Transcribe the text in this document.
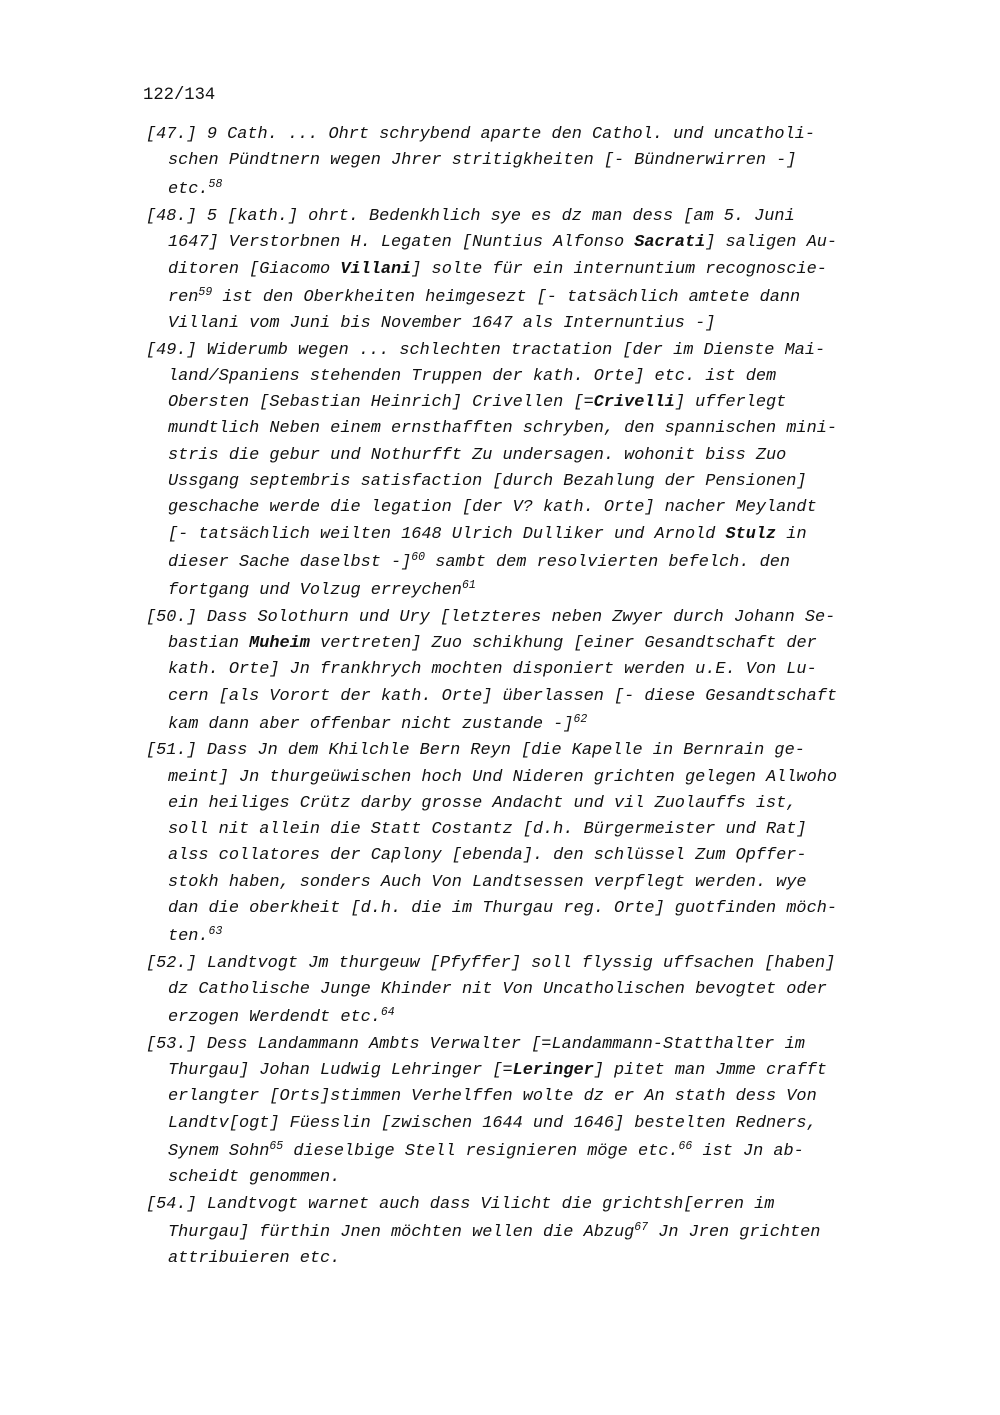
122/134
[47.] 9 Cath. ... Ohrt schrybend aparte den Cathol. und uncatholi-
schen Pündtnern wegen Jhrer stritigkheiten [- Bündnerwirren -]
etc.$^{58}$
[48.] 5 [kath.] ohrt. Bedenkhlich sye es dz man dess [am 5. Juni
1647] Verstorbnen H. Legaten [Nuntius Alfonso Sacrati] saligen Au-
ditoren [Giacomo Villani] solte für ein internuntium recognoscie-
ren$^{59}$ ist den Oberkheiten heimgesezt [- tatsächlich amtete dann
Villani vom Juni bis November 1647 als Internuntius -]
[49.] Widerumb wegen ... schlechten tractation [der im Dienste Mai-
land/Spaniens stehenden Truppen der kath. Orte] etc. ist dem
Obersten [Sebastian Heinrich] Crivellen [=Crivelli] ufferlegt
mundtlich Neben einem ernsthafften schryben, den spannischen mini-
stris die gebur und Nothurfft Zu undersagen. wohonit biss Zuo
Ussgang septembris satisfaction [durch Bezahlung der Pensionen]
geschache werde die legation [der V? kath. Orte] nacher Meylandt
[- tatsächlich weilten 1648 Ulrich Dulliker und Arnold Stulz in
dieser Sache daselbst -]$^{60}$ sambt dem resolvierten befelch. den
fortgang und Volzug erreychen$^{61}$
[50.] Dass Solothurn und Ury [letzteres neben Zwyer durch Johann Se-
bastian Muheim vertreten] Zuo schikhung [einer Gesandtschaft der
kath. Orte] Jn frankhrych mochten disponiert werden u.E. Von Lu-
cern [als Vorort der kath. Orte] überlassen [- diese Gesandtschaft
kam dann aber offenbar nicht zustande -]$^{62}$
[51.] Dass Jn dem Khilchle Bern Reyn [die Kapelle in Bernrain ge-
meint] Jn thurgeüwischen hoch Und Nideren grichten gelegen Allwoho
ein heiliges Crütz darby grosse Andacht und vil Zuolauffs ist,
soll nit allein die Statt Costantz [d.h. Bürgermeister und Rat]
alss collatores der Caplony [ebenda]. den schlüssel Zum Opffer-
stokh haben, sonders Auch Von Landtsessen verpflegt werden. wye
dan die oberkheit [d.h. die im Thurgau reg. Orte] guotfinden möch-
ten.$^{63}$
[52.] Landtvogt Jm thurgeuw [Pfyffer] soll flyssig uffsachen [haben]
dz Catholische Junge Khinder nit Von Uncatholischen bevogtet oder
erzogen Werdendt etc.$^{64}$
[53.] Dess Landammann Ambts Verwalter [=Landammann-Statthalter im
Thurgau] Johan Ludwig Lehringer [=Leringer] pitet man Jmme crafft
erlangter [Orts]stimmen Verhelffen wolte dz er An stath dess Von
Landtv[ogt] Füesslin [zwischen 1644 und 1646] bestelten Redners,
Synem Sohn$^{65}$ dieselbige Stell resignieren möge etc.$^{66}$ ist Jn ab-
scheidt genommen.
[54.] Landtvogt warnet auch dass Vilicht die grichtsh[erren im
Thurgau] fürthin Jnen möchten wellen die Abzug$^{67}$ Jn Jren grichten
attribuieren etc.
